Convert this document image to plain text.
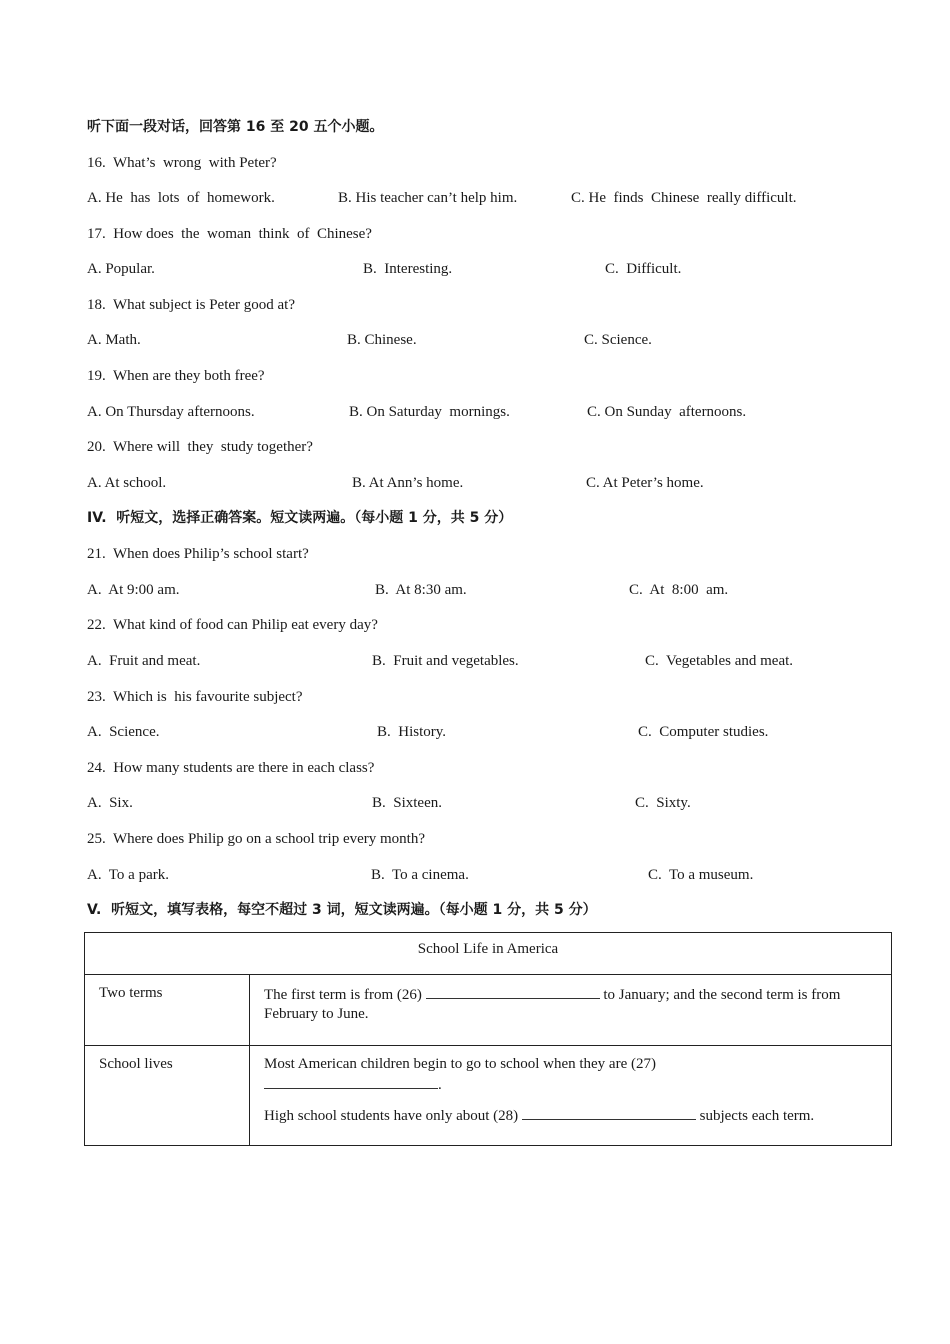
听下面一段对话，回答第 16 至 20 五个小题。
16.  What’s  wrong  with Peter?
A. He  has  lots  of  homework.	B. His teacher can’t help him.	C. He  finds  Chinese  really difficult.
17.  How does  the  woman  think  of  Chinese?
A. Popular.	B.  Interesting.	C.  Difficult.
18.  What subject is Peter good at?
A. Math.	B. Chinese.	C. Science.
19.  When are they both free?
A. On Thursday afternoons.	B. On Saturday  mornings.	C. On Sunday  afternoons.
20.  Where will  they  study together?
A. At school.	B. At Ann’s home.	C. At Peter’s home.
IV.  听短文，选择正确答案。短文读两遍。（每小题 1 分，共 5 分）
21.  When does Philip’s school start?
A.  At 9:00 am.	B.  At 8:30 am.	C.  At  8:00  am.
22.  What kind of food can Philip eat every day?
A.  Fruit and meat.	B.  Fruit and vegetables.	C.  Vegetables and meat.
23.  Which is  his favourite subject?
A.  Science.	B.  History.	C.  Computer studies.
24.  How many students are there in each class?
A.  Six.	B.  Sixteen.	C.  Sixty.
25.  Where does Philip go on a school trip every month?
A.  To a park.	B.  To a cinema.	C.  To a museum.
V.  听短文，填写表格，每空不超过 3 词，短文读两遍。（每小题 1 分，共 5 分）
School Life in America	
Two terms	The first term is from (26) to January; and the second term is from February to June.
School lives	Most American children begin to go to school when they are (27)
.
High school students have only about (28) subjects each term.
